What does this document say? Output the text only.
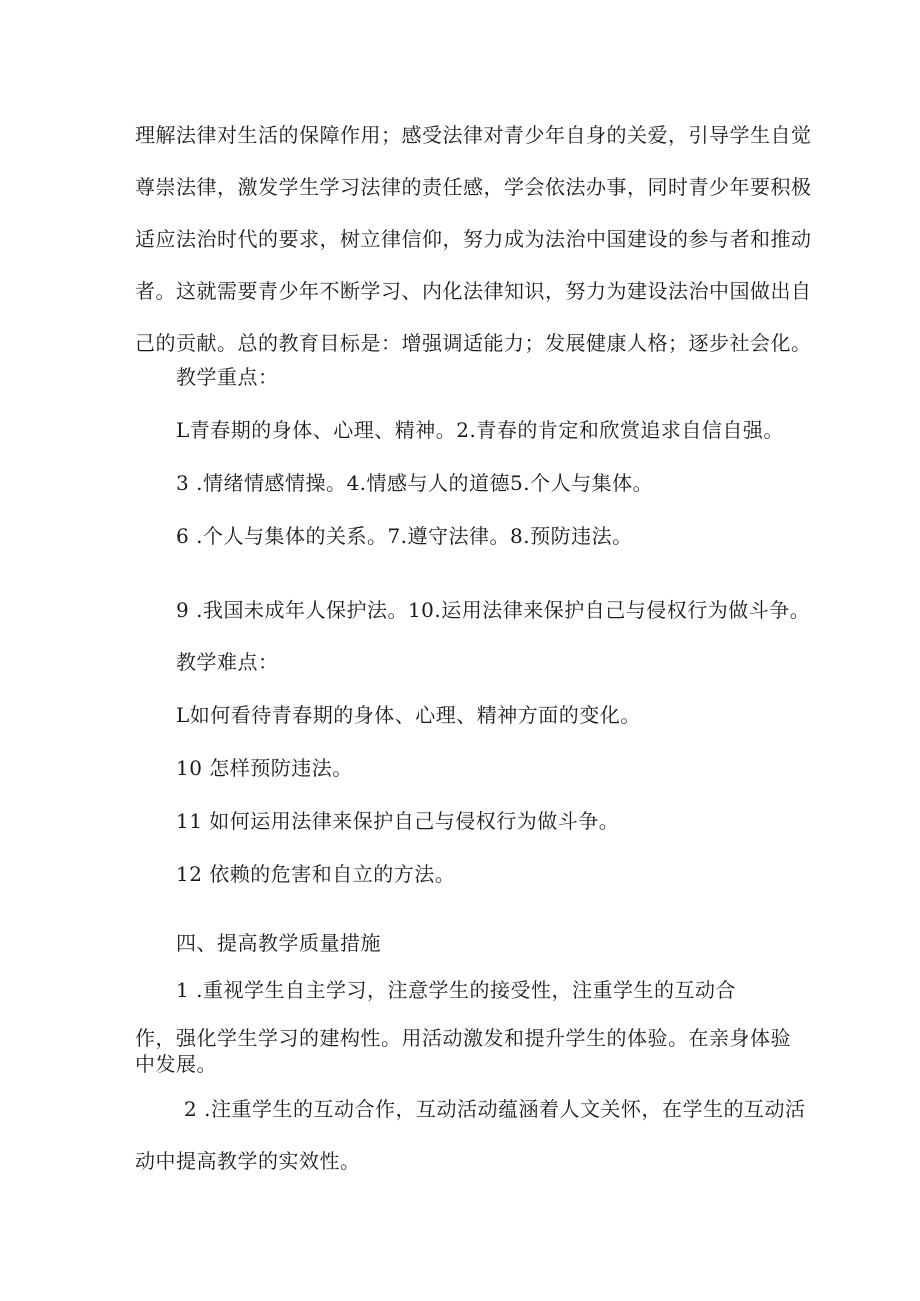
理解法律对生活的保障作用；感受法律对青少年自身的关爱，引导学生自觉
尊崇法律，激发学生学习法律的责任感，学会依法办事，同时青少年要积极
适应法治时代的要求，树立律信仰，努力成为法治中国建设的参与者和推动
者。这就需要青少年不断学习、内化法律知识，努力为建设法治中国做出自
己的贡献。总的教育目标是：增强调适能力；发展健康人格；逐步社会化。
教学重点：
L青春期的身体、心理、精神。2.青春的肯定和欣赏追求自信自强。
3 .情绪情感情操。4.情感与人的道德5.个人与集体。
6 .个人与集体的关系。7.遵守法律。8.预防违法。
9 .我国未成年人保护法。10.运用法律来保护自己与侵权行为做斗争。
教学难点：
L如何看待青春期的身体、心理、精神方面的变化。
10 怎样预防违法。
11 如何运用法律来保护自己与侵权行为做斗争。
12 依赖的危害和自立的方法。
四、提高教学质量措施
1 .重视学生自主学习，注意学生的接受性，注重学生的互动合
作，强化学生学习的建构性。用活动激发和提升学生的体验。在亲身体验
中发展。
2 .注重学生的互动合作，互动活动蕴涵着人文关怀，在学生的互动活
动中提高教学的实效性。
